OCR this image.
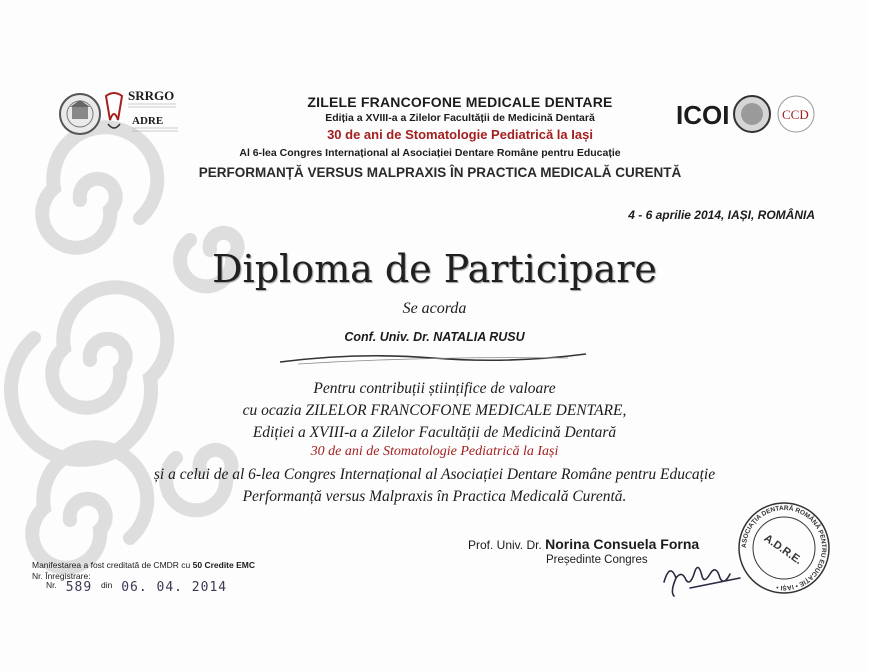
SRRGO
ADRE	ICOI	CCD
ZILELE FRANCOFONE MEDICALE DENTARE
Ediția a XVIII-a a Zilelor Facultății de Medicină Dentară
30 de ani de Stomatologie Pediatrică la Iași
Al 6-lea Congres Internațional al Asociației Dentare Române pentru Educație
PERFORMANȚĂ VERSUS MALPRAXIS ÎN PRACTICA MEDICALĂ CURENTĂ
4 - 6 aprilie 2014, IAȘI, ROMÂNIA
Diploma de Participare
Se acorda
Conf. Univ. Dr. NATALIA RUSU
Pentru contribuții științifice de valoare
cu ocazia ZILELOR FRANCOFONE MEDICALE DENTARE,
Ediției a XVIII-a a Zilelor Facultății de Medicină Dentară
30 de ani de Stomatologie Pediatrică la Iași
și a celui de al 6-lea Congres Internațional al Asociației Dentare Române pentru Educație
Performanță versus Malpraxis în Practica Medicală Curentă.
Prof. Univ. Dr. Norina Consuela Forna
Președinte Congres
ASOCIAȚIA DENTARĂ ROMÂNĂ PENTRU EDUCAȚIE • IAȘI •
A.D.R.E.
Manifestarea a fost creditată de CMDR cu 50 Credite EMC
Nr. Înregistrare:
$^{Nr.}$ 589 $^{din}$ 06. 04. 2014
